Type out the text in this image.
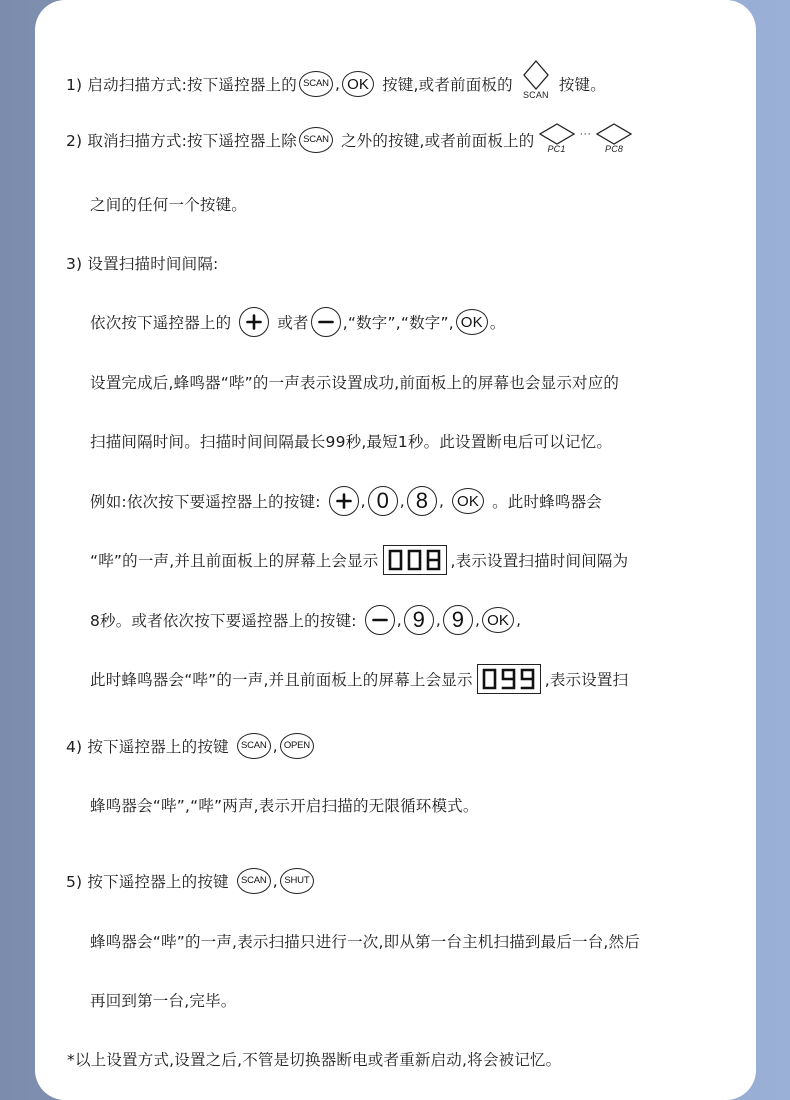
1) 启动扫描方式:按下遥控器上的 SCAN , OK 按键,或者前面板的
SCAN
按键。
2) 取消扫描方式:按下遥控器上除 SCAN 之外的按键,或者前面板上的 PC1
···
PC8
之间的任何一个按键。
3) 设置扫描时间间隔:
依次按下遥控器上的	或者 ,“数字”,“数字”, OK 。
设置完成后,蜂鸣器“哔”的一声表示设置成功,前面板上的屏幕也会显示对应的
扫描间隔时间。扫描时间间隔最长99秒,最短1秒。此设置断电后可以记忆。
例如:依次按下要遥控器上的按键:	, 0 , 8 , OK 。此时蜂鸣器会
“哔”的一声,并且前面板上的屏幕上会显示	,表示设置扫描时间间隔为
8秒。或者依次按下要遥控器上的按键:	, 9 , 9 , OK ,
此时蜂鸣器会“哔”的一声,并且前面板上的屏幕上会显示	,表示设置扫
4) 按下遥控器上的按键	SCAN , OPEN
蜂鸣器会“哔”,“哔”两声,表示开启扫描的无限循环模式。
5) 按下遥控器上的按键	SCAN , SHUT
蜂鸣器会“哔”的一声,表示扫描只进行一次,即从第一台主机扫描到最后一台,然后
再回到第一台,完毕。
*以上设置方式,设置之后,不管是切换器断电或者重新启动,将会被记忆。
